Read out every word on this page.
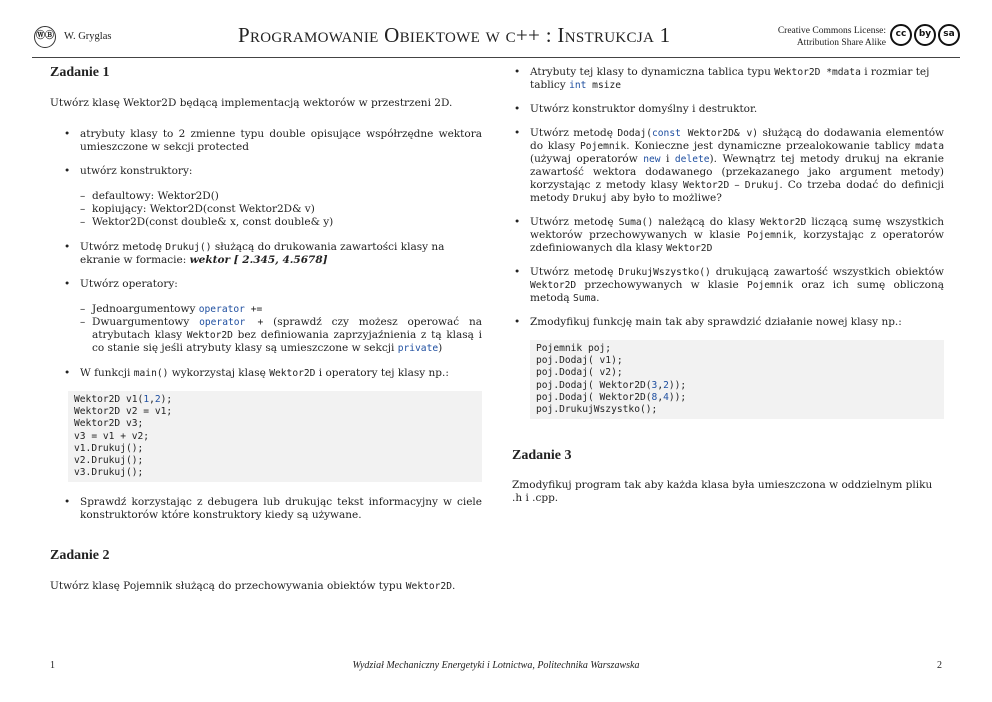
ⓌⒷ W. Gryglas	Programowanie Obiektowe w c++ : Instrukcja 1	Creative Commons License:
Attribution Share Alike
cc	by	sa
Zadanie 1

Utwórz klasę Wektor2D będącą implementacją wektorów w przestrzeni 2D.

• atrybuty klasy to 2 zmienne typu double opisujące współrzędne wektora umieszczone w sekcji protected
• utwórz konstruktory:
– defaultowy: Wektor2D()
– kopiujący: Wektor2D(const Wektor2D& v)
– Wektor2D(const double& x, const double& y)
• Utwórz metodę Drukuj() służącą do drukowania zawartości klasy na ekranie w formacie: wektor [ 2.345, 4.5678]
• Utwórz operatory:
– Jednoargumentowy operator +=
– Dwuargumentowy operator + (sprawdź czy możesz operować na atrybutach klasy Wektor2D bez definiowania zaprzyjaźnienia z tą klasą i co stanie się jeśli atrybuty klasy są umieszczone w sekcji private)
• W funkcji main() wykorzystaj klasę Wektor2D i operatory tej klasy np.:
Wektor2D v1(1,2);
Wektor2D v2 = v1;
Wektor2D v3;
v3 = v1 + v2;
v1.Drukuj();
v2.Drukuj();
v3.Drukuj();
• Sprawdź korzystając z debugera lub drukując tekst informacyjny w ciele konstruktorów które konstruktory kiedy są używane.
Zadanie 2

Utwórz klasę Pojemnik służącą do przechowywania obiektów typu Wektor2D.

• Atrybuty tej klasy to dynamiczna tablica typu Wektor2D *mdata i rozmiar tej tablicy int msize
• Utwórz konstruktor domyślny i destruktor.
• Utwórz metodę Dodaj(const Wektor2D& v) służącą do dodawania elementów do klasy Pojemnik. Konieczne jest dynamiczne przealokowanie tablicy mdata (używaj operatorów new i delete). Wewnątrz tej metody drukuj na ekranie zawartość wektora dodawanego (przekazanego jako argument metody) korzystając z metody klasy Wektor2D – Drukuj. Co trzeba dodać do definicji metody Drukuj aby było to możliwe?
• Utwórz metodę Suma() należącą do klasy Wektor2D liczącą sumę wszystkich wektorów przechowywanych w klasie Pojemnik, korzystając z operatorów zdefiniowanych dla klasy Wektor2D
• Utwórz metodę DrukujWszystko() drukującą zawartość wszystkich obiektów Wektor2D przechowywanych w klasie Pojemnik oraz ich sumę obliczoną metodą Suma.
• Zmodyfikuj funkcję main tak aby sprawdzić działanie nowej klasy np.:
Pojemnik poj;
poj.Dodaj( v1);
poj.Dodaj( v2);
poj.Dodaj( Wektor2D(3,2));
poj.Dodaj( Wektor2D(8,4));
poj.DrukujWszystko();
Zadanie 3

Zmodyfikuj program tak aby każda klasa była umieszczona w oddzielnym pliku .h i .cpp.

1	Wydział Mechaniczny Energetyki i Lotnictwa, Politechnika Warszawska	2
